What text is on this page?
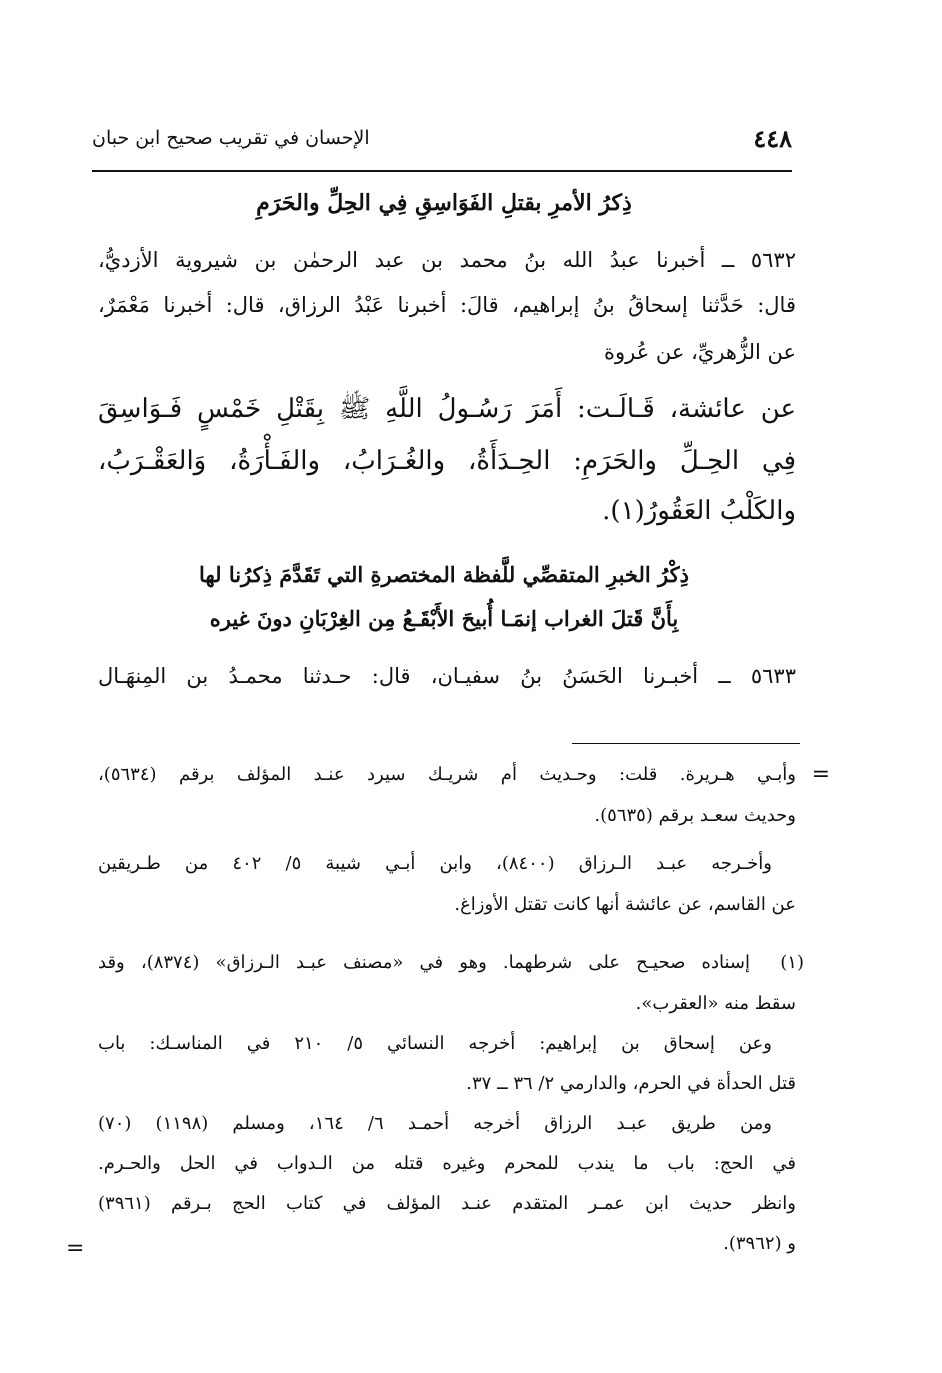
٤٤٨
الإحسان في تقريب صحيح ابن حبان
ذِكرُ الأمرِ بقتلِ الفَوَاسِقِ فِي الحِلِّ والحَرَمِ
٥٦٣٢ ــ أخبرنا عبدُ الله بنُ محمد بن عبد الرحمٰن بن شيروية الأزديُّ،
قال: حَدَّثنا إسحاقُ بنُ إبراهيم، قالَ: أخبرنا عَبْدُ الرزاق، قال: أخبرنا مَعْمَرٌ،
عن الزُّهريِّ، عن عُروة
عن عائشة، قَـالَـت: أَمَرَ رَسُـولُ اللَّهِ ﷺ بِقَتْلِ خَمْسٍ فَـوَاسِقَ
فِي الحِـلِّ والحَرَمِ: الحِـدَأَةُ، والغُـرَابُ، والفَـأْرَةُ، وَالعَقْـرَبُ،
والكَلْبُ العَقُورُ(١).
ذِكْرُ الخبرِ المتقصِّي للَّفظة المختصرةِ التي تَقَدَّمَ ذِكرُنا لها
بِأَنَّ قَتلَ الغراب إنمَـا أُبيحَ الأَبْقَـعُ مِن الغِرْبَانِ دونَ غيره
٥٦٣٣ ــ أخبـرنا الحَسَنُ بنُ سفيـان، قال: حـدثنا محمـدُ بن المِنهَـال
=
وأبـي هـريرة. قلت: وحـديث أم شريـك سيرد عنـد المؤلف برقم (٥٦٣٤)،
وحديث سعـد برقم (٥٦٣٥).
وأخـرجه عبـد الـرزاق (٨٤٠٠)، وابن أبـي شيبة ٥/ ٤٠٢ من طـريقين
عن القاسم، عن عائشة أنها كانت تقتل الأوزاغ.
(١)
إسناده صحيـح على شرطهما. وهو في «مصنف عبـد الـرزاق» (٨٣٧٤)، وقد
سقط منه «العقرب».
وعن إسحاق بن إبراهيم: أخرجه النسائي ٥/ ٢١٠ في المناسـك: باب
قتل الحدأة في الحرم، والدارمي ٢/ ٣٦ ــ ٣٧.
ومن طريق عبـد الرزاق أخرجه أحمـد ٦/ ١٦٤، ومسلم (١١٩٨) (٧٠)
في الحج: باب ما يندب للمحرم وغيره قتله من الـدواب في الحل والحـرم.
وانظر حديث ابن عمـر المتقدم عنـد المؤلف في كتاب الحج بـرقم (٣٩٦١)
و (٣٩٦٢).
=
